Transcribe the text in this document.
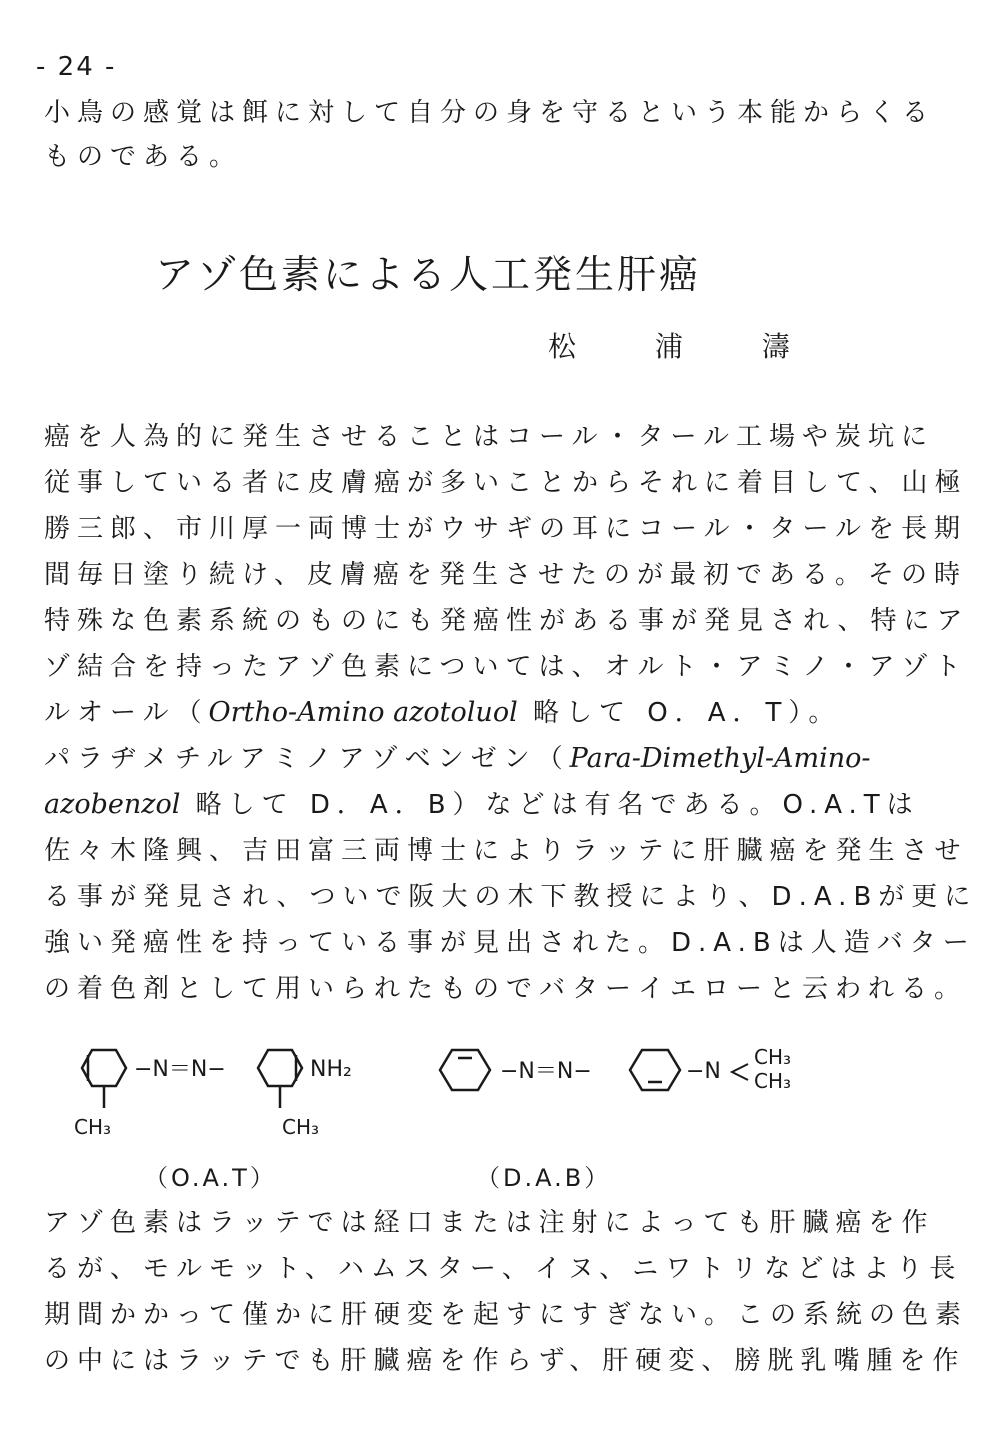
- 24 -
小鳥の感覚は餌に対して自分の身を守るという本能からくる
ものである。
アゾ色素による人工発生肝癌
松 浦 濤
癌を人為的に発生させることはコール・タール工場や炭坑に
従事している者に皮膚癌が多いことからそれに着目して、山極
勝三郎、市川厚一両博士がウサギの耳にコール・タールを長期
間毎日塗り続け、皮膚癌を発生させたのが最初である。その時
特殊な色素系統のものにも発癌性がある事が発見され、特にア
ゾ結合を持ったアゾ色素については、オルト・アミノ・アゾト
ルオール（Ortho-Amino azotoluol 略して O．A．T）。
パラヂメチルアミノアゾベンゼン（Para-Dimethyl-Amino-
azobenzol 略して D．A．B）などは有名である。O.A.Tは
佐々木隆興、吉田富三両博士によりラッテに肝臓癌を発生させ
る事が発見され、ついで阪大の木下教授により、D.A.Bが更に
強い発癌性を持っている事が見出された。D.A.Bは人造バター
の着色剤として用いられたものでバターイエローと云われる。
−N＝N−	NH₂
CH₃	CH₃
−N＝N−	−N
CH₃
CH₃
（O.A.T）	（D.A.B）
アゾ色素はラッテでは経口または注射によっても肝臓癌を作
るが、モルモット、ハムスター、イヌ、ニワトリなどはより長
期間かかって僅かに肝硬変を起すにすぎない。この系統の色素
の中にはラッテでも肝臓癌を作らず、肝硬変、膀胱乳嘴腫を作
